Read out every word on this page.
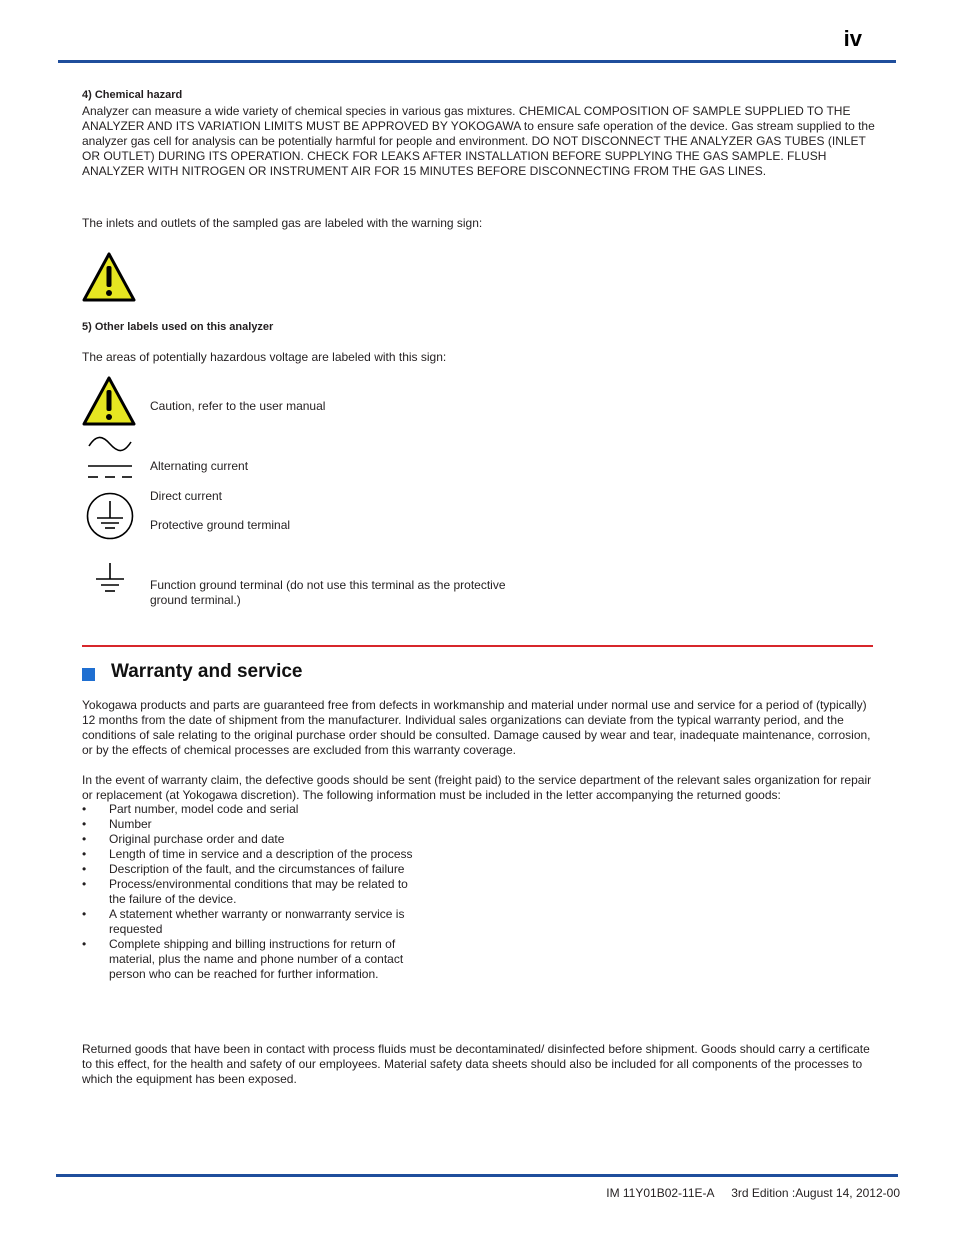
iv
4) Chemical hazard
Analyzer can measure a wide variety of chemical species in various gas mixtures. CHEMICAL COMPOSITION OF SAMPLE SUPPLIED TO THE ANALYZER AND ITS VARIATION LIMITS MUST BE APPROVED BY YOKOGAWA to ensure safe operation of the device. Gas stream supplied to the analyzer gas cell for analysis can be potentially harmful for people and environment. DO NOT DISCONNECT THE ANALYZER GAS TUBES (INLET OR OUTLET) DURING ITS OPERATION. CHECK FOR LEAKS AFTER INSTALLATION BEFORE SUPPLYING THE GAS SAMPLE. FLUSH ANALYZER WITH NITROGEN OR INSTRUMENT AIR FOR 15 MINUTES BEFORE DISCONNECTING FROM THE GAS LINES.
The inlets and outlets of the sampled gas are labeled with the warning sign:
5) Other labels used on this analyzer
The areas of potentially hazardous voltage are labeled with this sign:
Caution, refer to the user manual
Alternating current
Direct current
Protective ground terminal
Function ground terminal (do not use this terminal as the protective
ground terminal.)
Warranty and service
Yokogawa products and parts are guaranteed free from defects in workmanship and material under normal use and service for a period of (typically) 12 months from the date of shipment from the manufacturer. Individual sales organizations can deviate from the typical warranty period, and the conditions of sale relating to the original purchase order should be consulted. Damage caused by wear and tear, inadequate maintenance, corrosion, or by the effects of chemical processes are excluded from this warranty coverage.
In the event of warranty claim, the defective goods should be sent (freight paid) to the service department of the relevant sales organization for repair or replacement (at Yokogawa discretion). The following information must be included in the letter accompanying the returned goods:
• Part number, model code and serial
• Number
• Original purchase order and date
• Length of time in service and a description of the process
• Description of the fault, and the circumstances of failure
• Process/environmental conditions that may be related to the failure of the device.
• A statement whether warranty or nonwarranty service is requested
• Complete shipping and billing instructions for return of material, plus the name and phone number of a contact person who can be reached for further information.
Returned goods that have been in contact with process fluids must be decontaminated/ disinfected before shipment. Goods should carry a certificate to this effect, for the health and safety of our employees. Material safety data sheets should also be included for all components of the processes to which the equipment has been exposed.
IM 11Y01B02-11E-A 3rd Edition :August 14, 2012-00
